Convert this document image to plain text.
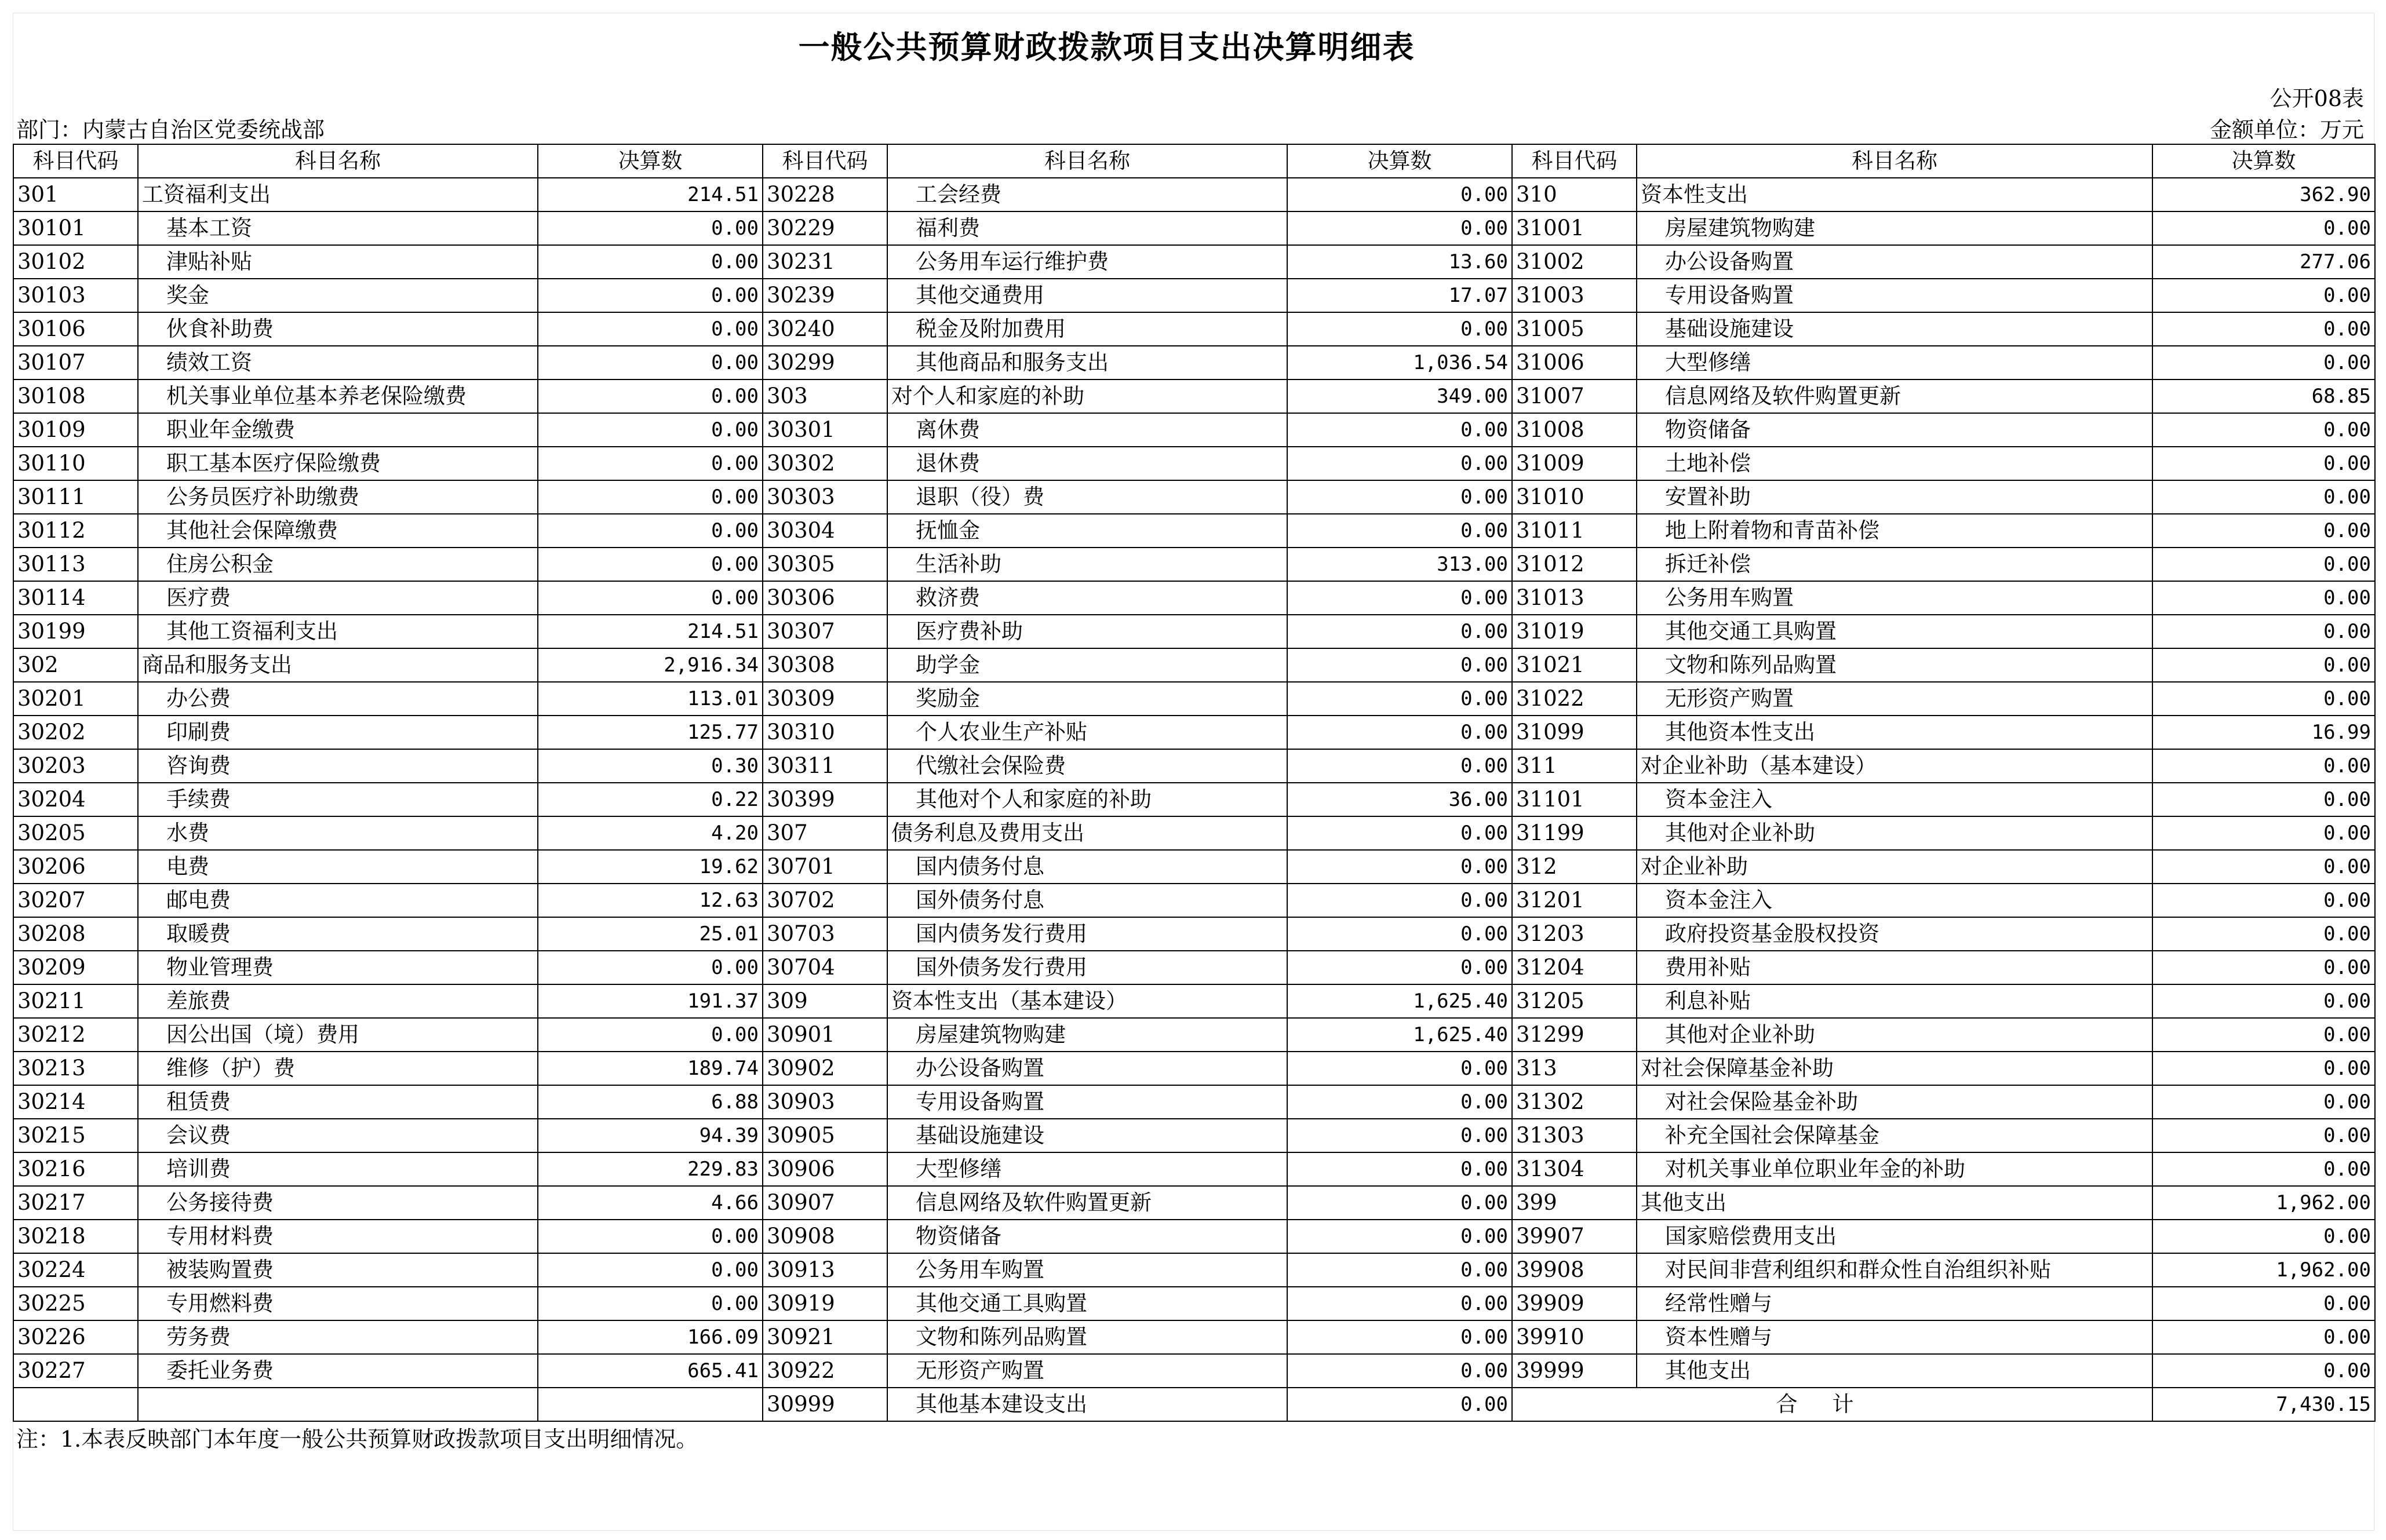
一般公共预算财政拨款项目支出决算明细表
公开08表
部门：内蒙古自治区党委统战部	金额单位：万元
科目代码	科目名称	决算数	科目代码	科目名称	决算数	科目代码	科目名称	决算数
301	工资福利支出	214.51	30228	工会经费	0.00	310	资本性支出	362.90
30101	基本工资	0.00	30229	福利费	0.00	31001	房屋建筑物购建	0.00
30102	津贴补贴	0.00	30231	公务用车运行维护费	13.60	31002	办公设备购置	277.06
30103	奖金	0.00	30239	其他交通费用	17.07	31003	专用设备购置	0.00
30106	伙食补助费	0.00	30240	税金及附加费用	0.00	31005	基础设施建设	0.00
30107	绩效工资	0.00	30299	其他商品和服务支出	1,036.54	31006	大型修缮	0.00
30108	机关事业单位基本养老保险缴费	0.00	303	对个人和家庭的补助	349.00	31007	信息网络及软件购置更新	68.85
30109	职业年金缴费	0.00	30301	离休费	0.00	31008	物资储备	0.00
30110	职工基本医疗保险缴费	0.00	30302	退休费	0.00	31009	土地补偿	0.00
30111	公务员医疗补助缴费	0.00	30303	退职（役）费	0.00	31010	安置补助	0.00
30112	其他社会保障缴费	0.00	30304	抚恤金	0.00	31011	地上附着物和青苗补偿	0.00
30113	住房公积金	0.00	30305	生活补助	313.00	31012	拆迁补偿	0.00
30114	医疗费	0.00	30306	救济费	0.00	31013	公务用车购置	0.00
30199	其他工资福利支出	214.51	30307	医疗费补助	0.00	31019	其他交通工具购置	0.00
302	商品和服务支出	2,916.34	30308	助学金	0.00	31021	文物和陈列品购置	0.00
30201	办公费	113.01	30309	奖励金	0.00	31022	无形资产购置	0.00
30202	印刷费	125.77	30310	个人农业生产补贴	0.00	31099	其他资本性支出	16.99
30203	咨询费	0.30	30311	代缴社会保险费	0.00	311	对企业补助（基本建设）	0.00
30204	手续费	0.22	30399	其他对个人和家庭的补助	36.00	31101	资本金注入	0.00
30205	水费	4.20	307	债务利息及费用支出	0.00	31199	其他对企业补助	0.00
30206	电费	19.62	30701	国内债务付息	0.00	312	对企业补助	0.00
30207	邮电费	12.63	30702	国外债务付息	0.00	31201	资本金注入	0.00
30208	取暖费	25.01	30703	国内债务发行费用	0.00	31203	政府投资基金股权投资	0.00
30209	物业管理费	0.00	30704	国外债务发行费用	0.00	31204	费用补贴	0.00
30211	差旅费	191.37	309	资本性支出（基本建设）	1,625.40	31205	利息补贴	0.00
30212	因公出国（境）费用	0.00	30901	房屋建筑物购建	1,625.40	31299	其他对企业补助	0.00
30213	维修（护）费	189.74	30902	办公设备购置	0.00	313	对社会保障基金补助	0.00
30214	租赁费	6.88	30903	专用设备购置	0.00	31302	对社会保险基金补助	0.00
30215	会议费	94.39	30905	基础设施建设	0.00	31303	补充全国社会保障基金	0.00
30216	培训费	229.83	30906	大型修缮	0.00	31304	对机关事业单位职业年金的补助	0.00
30217	公务接待费	4.66	30907	信息网络及软件购置更新	0.00	399	其他支出	1,962.00
30218	专用材料费	0.00	30908	物资储备	0.00	39907	国家赔偿费用支出	0.00
30224	被装购置费	0.00	30913	公务用车购置	0.00	39908	对民间非营利组织和群众性自治组织补贴	1,962.00
30225	专用燃料费	0.00	30919	其他交通工具购置	0.00	39909	经常性赠与	0.00
30226	劳务费	166.09	30921	文物和陈列品购置	0.00	39910	资本性赠与	0.00
30227	委托业务费	665.41	30922	无形资产购置	0.00	39999	其他支出	0.00
			30999	其他基本建设支出	0.00	合计		7,430.15
注：1.本表反映部门本年度一般公共预算财政拨款项目支出明细情况。
